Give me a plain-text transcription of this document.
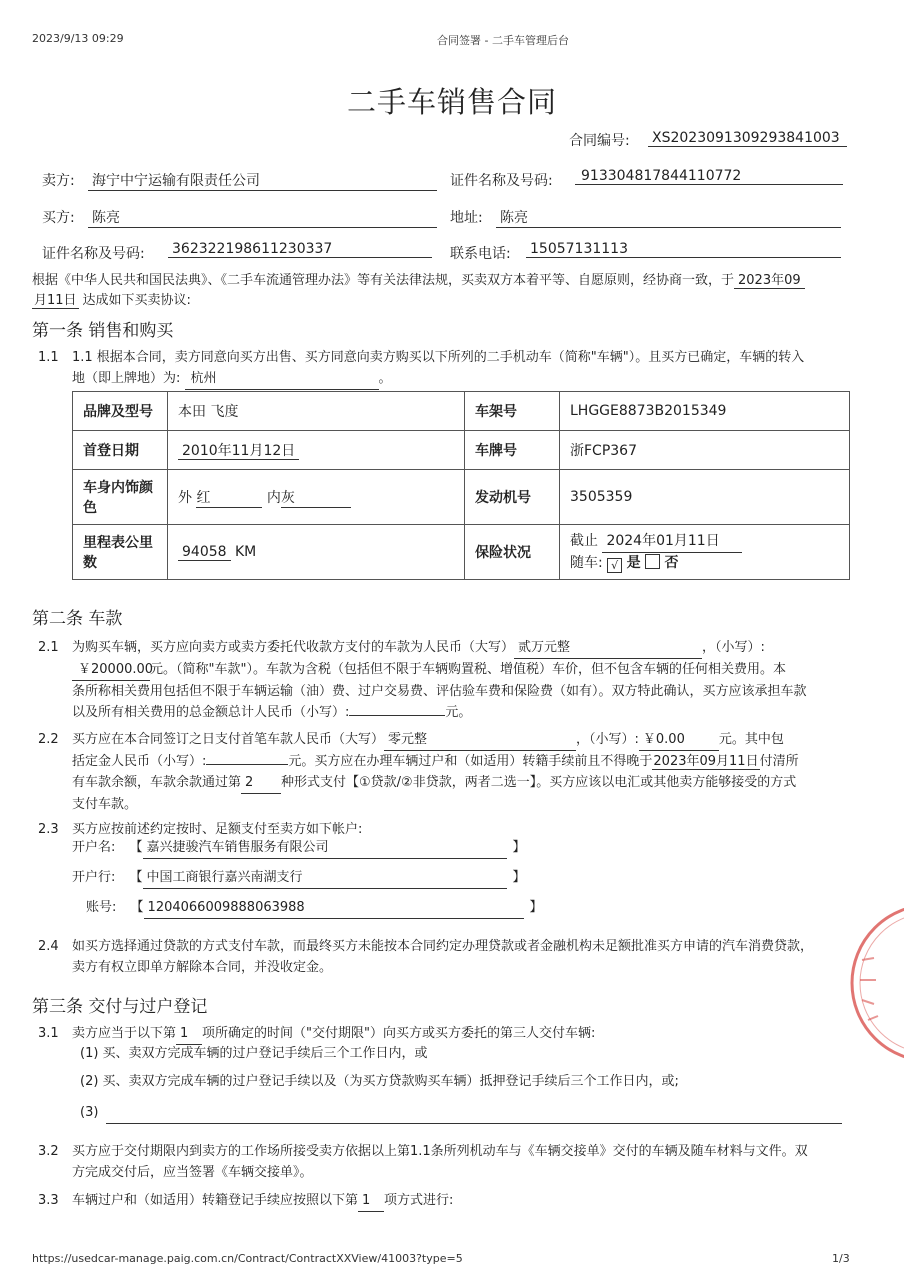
2023/9/13 09:29	合同签署 - 二手车管理后台
二手车销售合同
合同编号: XS2023091309293841003
卖方: 海宁中宁运输有限责任公司	证件名称及号码:	913304817844110772
买方: 陈亮	地址: 陈亮
证件名称及号码: 362322198611230337	联系电话: 15057131113
根据《中华人民共和国民法典》、《二手车流通管理办法》等有关法律法规，买卖双方本着平等、自愿原则，经协商一致，于 2023年09
月11日 达成如下买卖协议:
第一条 销售和购买
1.1 1.1 根据本合同，卖方同意向买方出售、买方同意向卖方购买以下所列的二手机动车（简称"车辆"）。且买方已确定，车辆的转入
地（即上牌地）为: 杭州	。
品牌及型号	本田 飞度	车架号	LHGGE8873B2015349
首登日期	2010年11月12日	车牌号	浙FCP367
车身内饰颜色	外 红 内灰	发动机号	3505359
里程表公里数	94058 KM	保险状况	截止 2024年01月11日
随车: √ 是 否
第二条 车款
2.1 为购买车辆，买方应向卖方或卖方委托代收款方支付的车款为人民币（大写） 贰万元整	，（小写）:
￥20000.00元。（简称"车款"）。车款为含税（包括但不限于车辆购置税、增值税）车价，但不包含车辆的任何相关费用。本
条所称相关费用包括但不限于车辆运输（油）费、过户交易费、评估验车费和保险费（如有）。双方特此确认，买方应该承担车款
以及所有相关费用的总金额总计人民币（小写）:	元。
2.2 买方应在本合同签订之日支付首笔车款人民币（大写） 零元整	，（小写）: ￥0.00	元。其中包
括定金人民币（小写）:	元。买方应在办理车辆过户和（如适用）转籍手续前且不得晚于2023年09月11日付清所
有车款余额，车款余款通过第 2 种形式支付【①贷款/②非贷款，两者二选一】。买方应该以电汇或其他卖方能够接受的方式
支付车款。
2.3 买方应按前述约定按时、足额支付至卖方如下帐户:
开户名: 【 嘉兴捷骏汽车销售服务有限公司	】
开户行: 【 中国工商银行嘉兴南湖支行	】
账号: 【 1204066009888063988	】
2.4 如买方选择通过贷款的方式支付车款，而最终买方未能按本合同约定办理贷款或者金融机构未足额批准买方申请的汽车消费贷款，
卖方有权立即单方解除本合同，并没收定金。
第三条 交付与过户登记
3.1 卖方应当于以下第 1 项所确定的时间（"交付期限"）向买方或买方委托的第三人交付车辆:
(1) 买、卖双方完成车辆的过户登记手续后三个工作日内，或
(2) 买、卖双方完成车辆的过户登记手续以及（为买方贷款购买车辆）抵押登记手续后三个工作日内，或;
(3)
3.2 买方应于交付期限内到卖方的工作场所接受卖方依据以上第1.1条所列机动车与《车辆交接单》交付的车辆及随车材料与文件。双
方完成交付后，应当签署《车辆交接单》。
3.3 车辆过户和（如适用）转籍登记手续应按照以下第 1 项方式进行:
https://usedcar-manage.paig.com.cn/Contract/ContractXXView/41003?type=5	1/3
